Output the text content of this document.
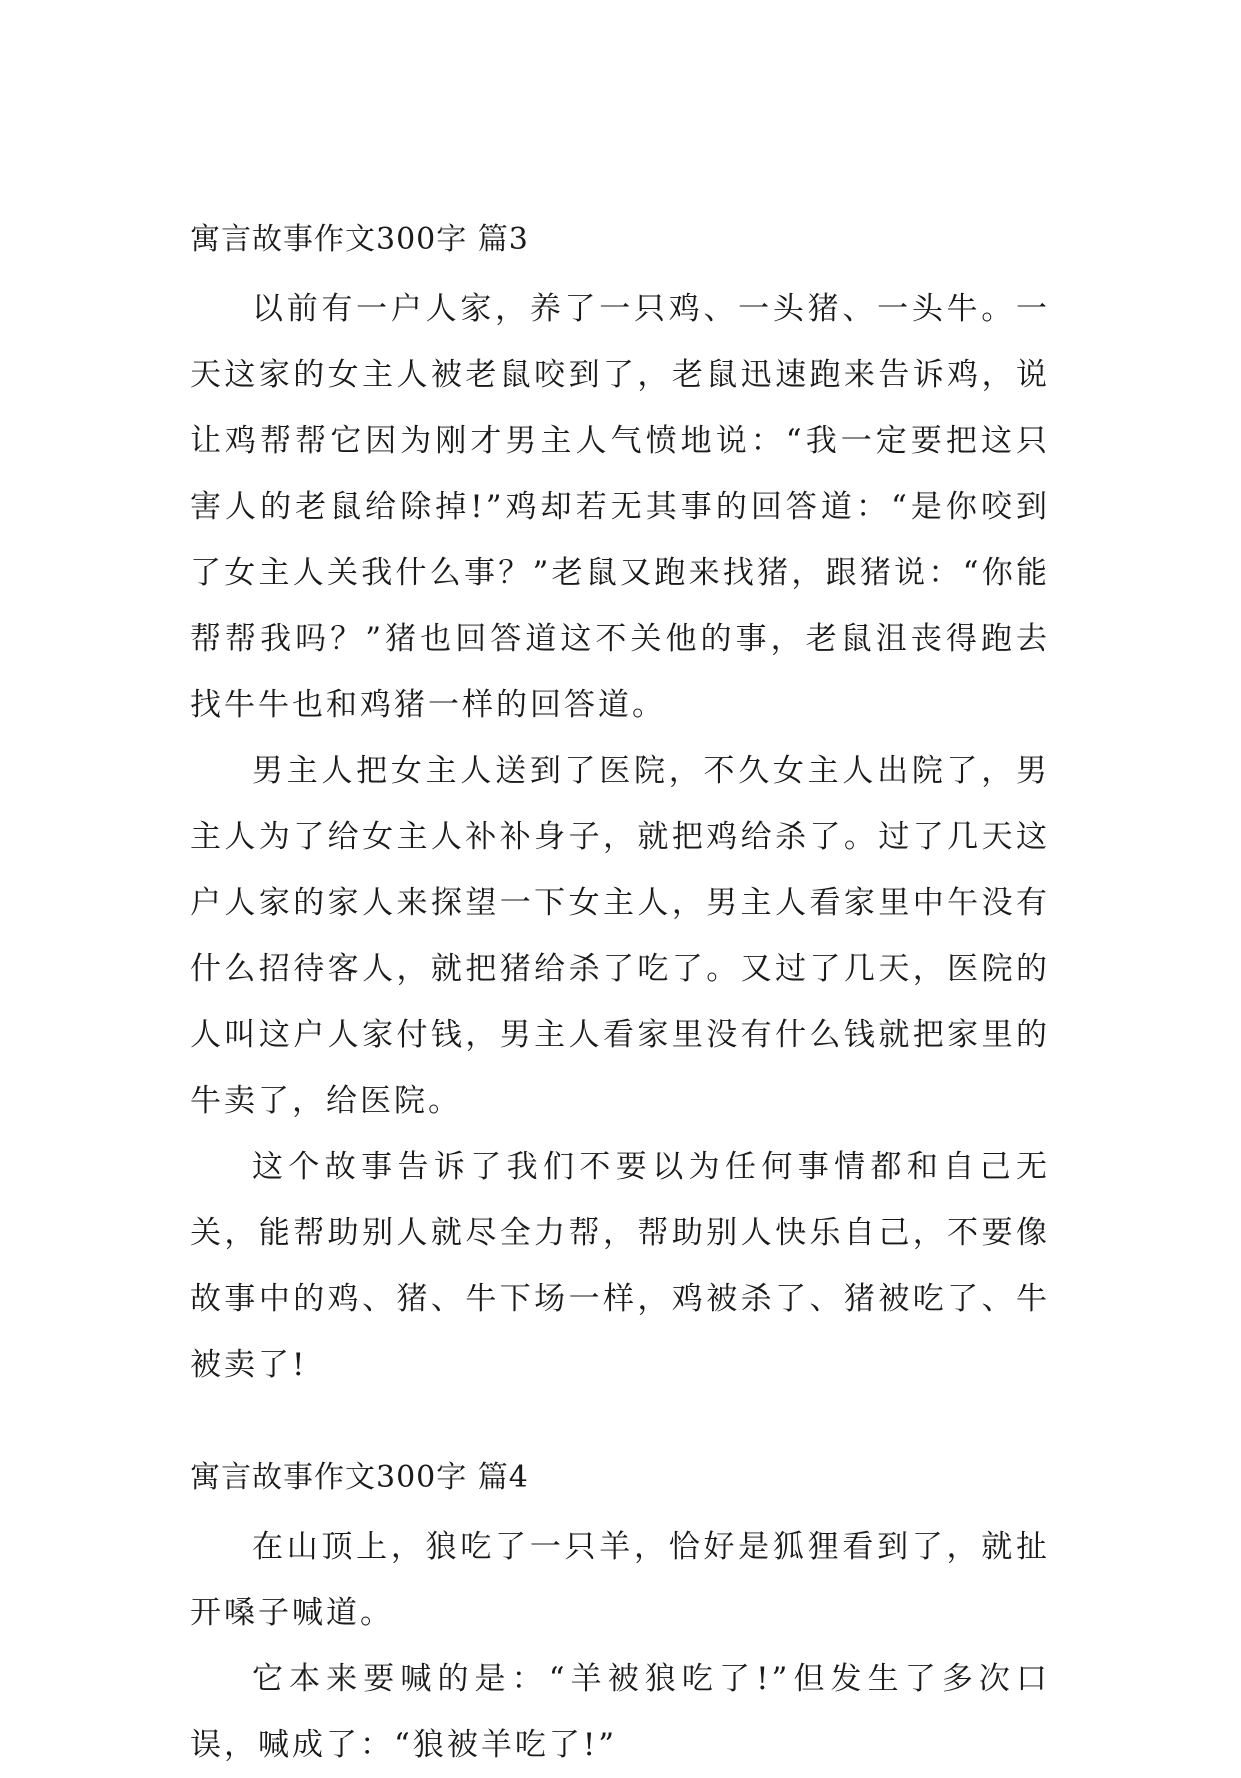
寓言故事作文300字 篇3

以前有一户人家，养了一只鸡、一头猪、一头牛。一天这家的女主人被老鼠咬到了，老鼠迅速跑来告诉鸡，说让鸡帮帮它因为刚才男主人气愤地说：“我一定要把这只害人的老鼠给除掉!”鸡却若无其事的回答道：“是你咬到了女主人关我什么事？”老鼠又跑来找猪，跟猪说：“你能帮帮我吗？”猪也回答道这不关他的事，老鼠沮丧得跑去找牛牛也和鸡猪一样的回答道。

男主人把女主人送到了医院，不久女主人出院了，男主人为了给女主人补补身子，就把鸡给杀了。过了几天这户人家的家人来探望一下女主人，男主人看家里中午没有什么招待客人，就把猪给杀了吃了。又过了几天，医院的人叫这户人家付钱，男主人看家里没有什么钱就把家里的牛卖了，给医院。

这个故事告诉了我们不要以为任何事情都和自己无关，能帮助别人就尽全力帮，帮助别人快乐自己，不要像故事中的鸡、猪、牛下场一样，鸡被杀了、猪被吃了、牛被卖了!

寓言故事作文300字 篇4

在山顶上，狼吃了一只羊，恰好是狐狸看到了，就扯开嗓子喊道。

它本来要喊的是：“羊被狼吃了!”但发生了多次口误，喊成了：“狼被羊吃了!”
